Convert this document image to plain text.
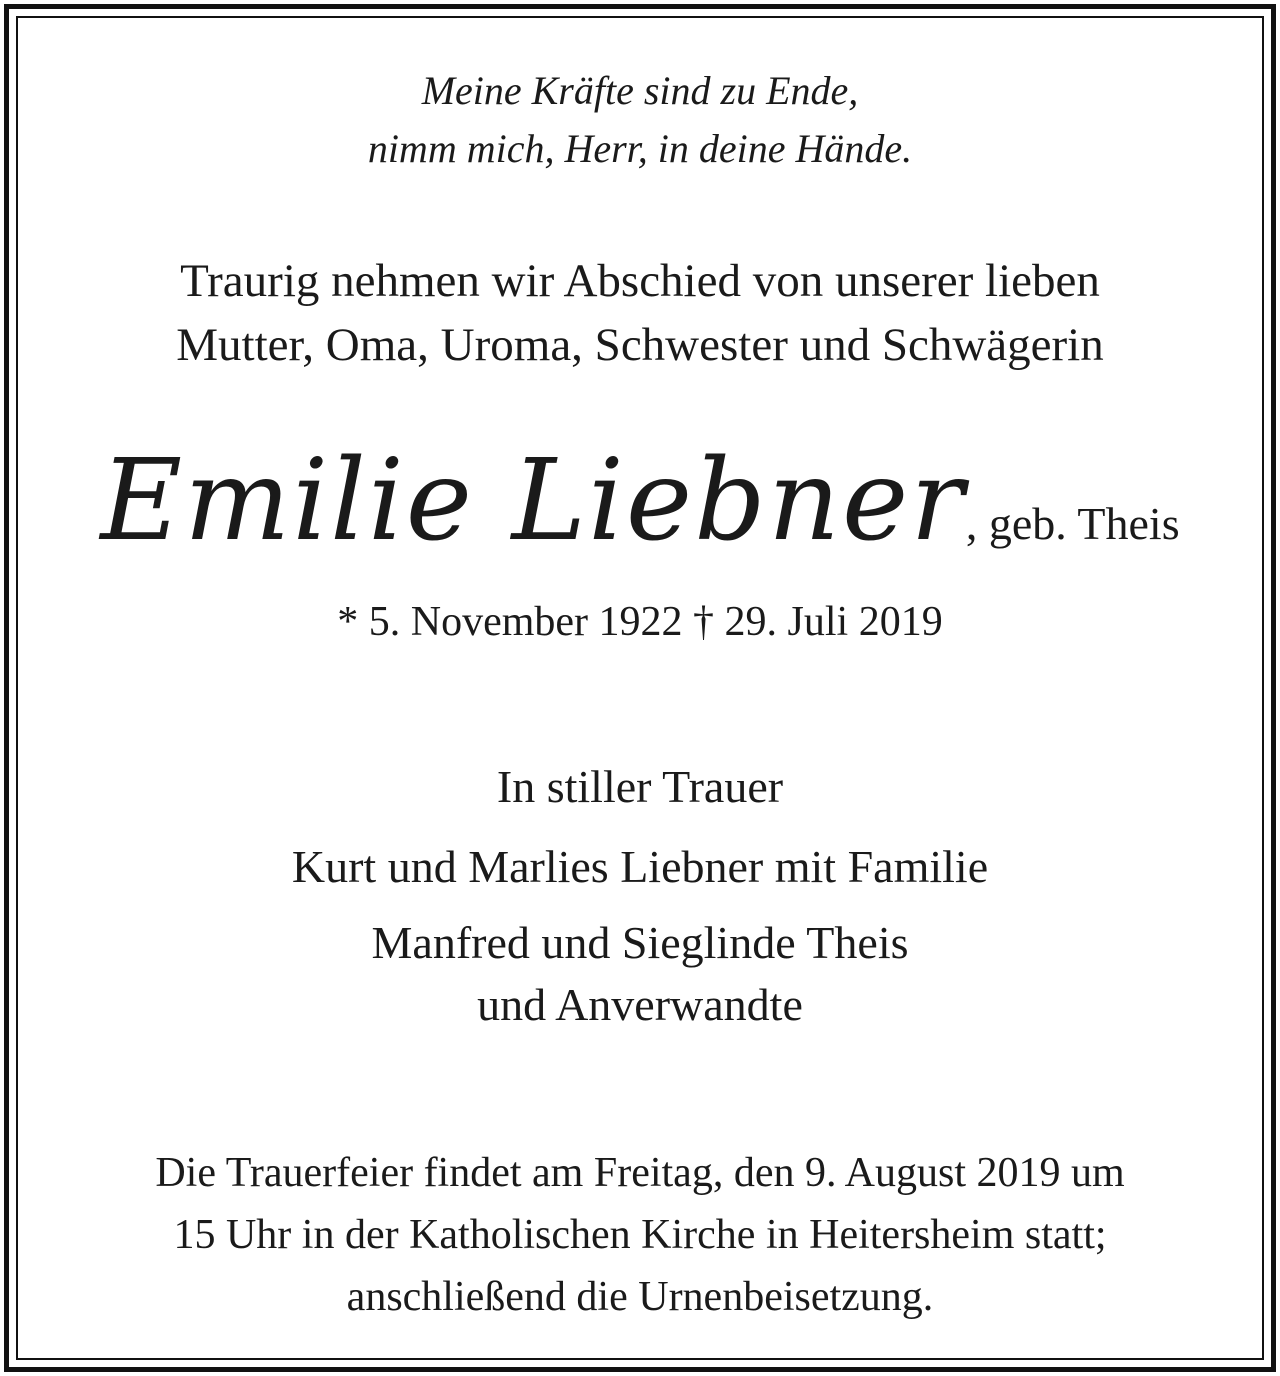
Meine Kräfte sind zu Ende,
nimm mich, Herr, in deine Hände.
Traurig nehmen wir Abschied von unserer lieben
Mutter, Oma, Uroma, Schwester und Schwägerin
Emilie Liebner, geb. Theis
* 5. November 1922 † 29. Juli 2019
In stiller Trauer
Kurt und Marlies Liebner mit Familie
Manfred und Sieglinde Theis
und Anverwandte
Die Trauerfeier findet am Freitag, den 9. August 2019 um
15 Uhr in der Katholischen Kirche in Heitersheim statt;
anschließend die Urnenbeisetzung.
